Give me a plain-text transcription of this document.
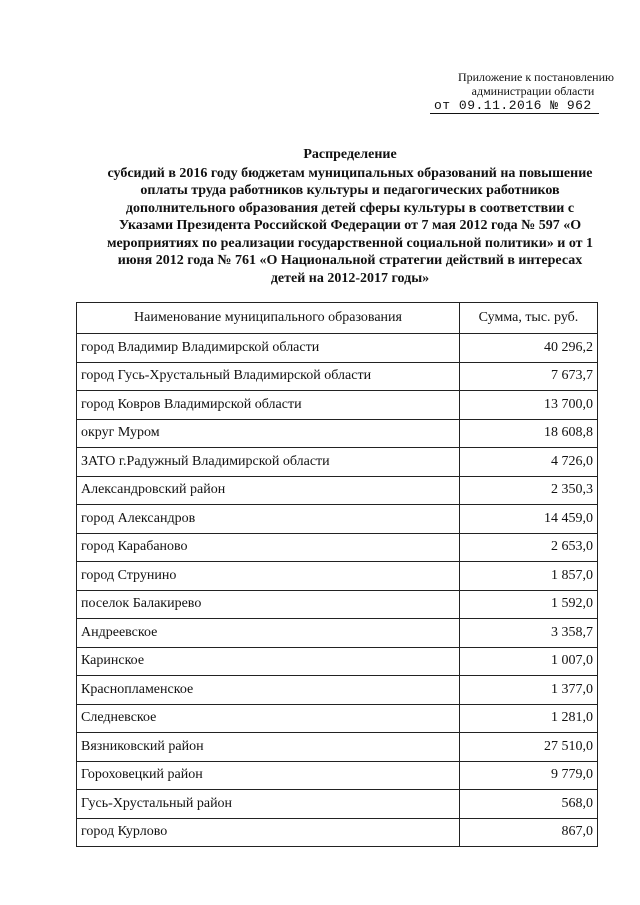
Приложение к постановлению
администрации области
от 09.11.2016 № 962
Распределение
субсидий в 2016 году бюджетам муниципальных образований на повышение
оплаты труда работников культуры и педагогических работников
дополнительного образования детей сферы культуры в соответствии с
Указами Президента Российской Федерации от 7 мая 2012 года № 597 «О
мероприятиях по реализации государственной социальной политики» и от 1
июня 2012 года № 761 «О Национальной стратегии действий в интересах
детей на 2012-2017 годы»
Наименование муниципального образования	Сумма, тыс. руб.
город Владимир Владимирской области	40 296,2
город Гусь-Хрустальный Владимирской области	7 673,7
город Ковров Владимирской области	13 700,0
округ Муром	18 608,8
ЗАТО г.Радужный Владимирской области	4 726,0
Александровский район	2 350,3
город Александров	14 459,0
город Карабаново	2 653,0
город Струнино	1 857,0
поселок Балакирево	1 592,0
Андреевское	3 358,7
Каринское	1 007,0
Краснопламенское	1 377,0
Следневское	1 281,0
Вязниковский район	27 510,0
Гороховецкий район	9 779,0
Гусь-Хрустальный район	568,0
город Курлово	867,0
